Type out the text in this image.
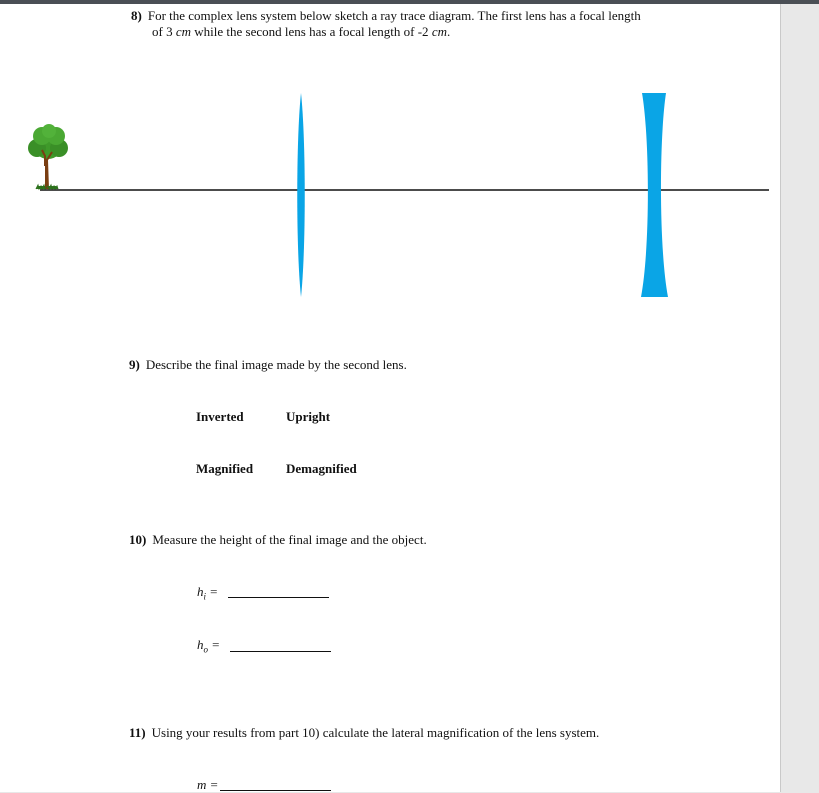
8) For the complex lens system below sketch a ray trace diagram. The first lens has a focal length
of 3 cm while the second lens has a focal length of -2 cm.
9) Describe the final image made by the second lens.
Inverted	Upright
Magnified	Demagnified
10) Measure the height of the final image and the object.
$h_i$ =
$h_o$ =
11) Using your results from part 10) calculate the lateral magnification of the lens system.
m =
